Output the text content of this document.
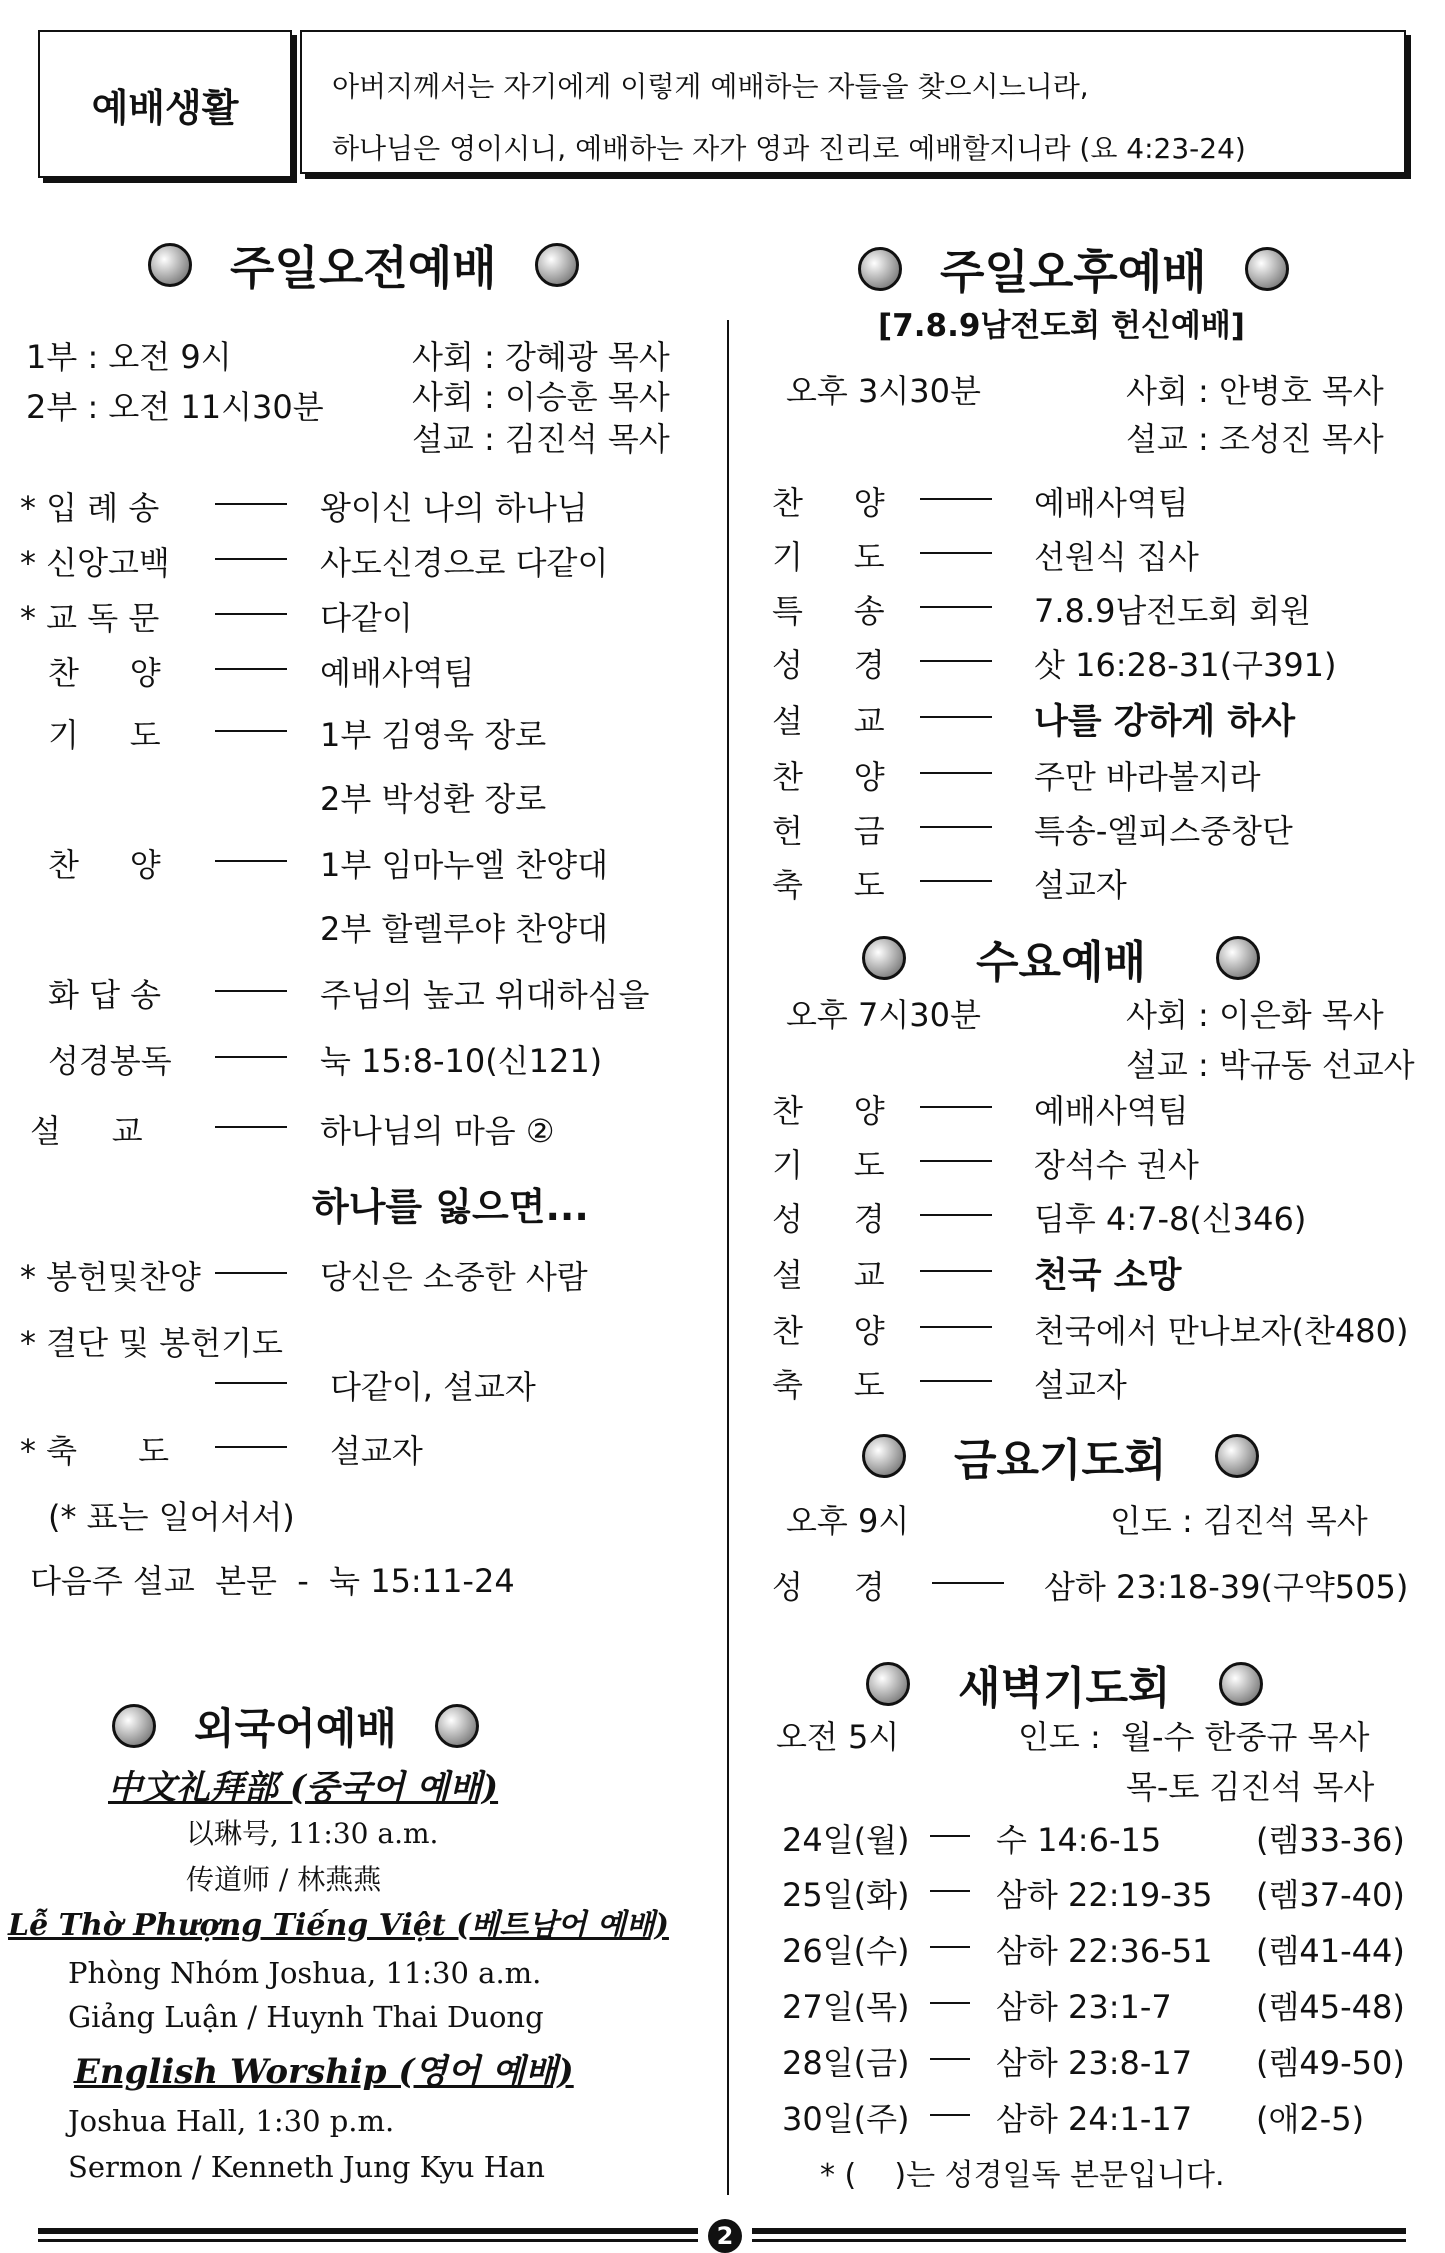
예배생활	아버지께서는 자기에게 이렇게 예배하는 자들을 찾으시느니라,
하나님은 영이시니, 예배하는 자가 영과 진리로 예배할지니라 (요 4:23-24)
주일오전예배
1부 : 오전 9시
2부 : 오전 11시30분
사회 : 강혜광 목사
사회 : 이승훈 목사
설교 : 김진석 목사
* 입 례 송	왕이신 나의 하나님
* 신앙고백	사도신경으로 다같이
* 교 독 문	다같이
찬     양	예배사역팀
기     도	1부 김영욱 장로
2부 박성환 장로
찬     양	1부 임마누엘 찬양대
2부 할렐루야 찬양대
화 답 송	주님의 높고 위대하심을
성경봉독	눅 15:8-10(신121)
설     교	하나님의 마음 ②
하나를 잃으면...
* 봉헌및찬양	당신은 소중한 사람
* 결단 및 봉헌기도
다같이, 설교자
* 축      도	설교자
(* 표는 일어서서)
다음주 설교  본문  -  눅 15:11-24
외국어예배
中文礼拜部 (중국어 예배)
以琳号, 11:30 a.m.
传道师 / 林燕燕
Lễ Thờ Phượng Tiếng Việt (베트남어 예배)
Phòng Nhóm Joshua, 11:30 a.m.
Giảng Luận / Huynh Thai Duong
English Worship (영어 예배)
Joshua Hall, 1:30 p.m.
Sermon / Kenneth Jung Kyu Han
주일오후예배
[7.8.9남전도회 헌신예배]
오후 3시30분	사회 : 안병호 목사
설교 : 조성진 목사
찬     양	예배사역팀
기     도	선원식 집사
특     송	7.8.9남전도회 회원
성     경	삿 16:28-31(구391)
설     교	나를 강하게 하사
찬     양	주만 바라볼지라
헌     금	특송-엘피스중창단
축     도	설교자
수요예배
오후 7시30분	사회 : 이은화 목사
설교 : 박규동 선교사
찬     양	예배사역팀
기     도	장석수 권사
성     경	딤후 4:7-8(신346)
설     교	천국 소망
찬     양	천국에서 만나보자(찬480)
축     도	설교자
금요기도회
오후 9시	인도 : 김진석 목사
성     경	삼하 23:18-39(구약505)
새벽기도회
오전 5시	인도 :  월-수 한중규 목사
목-토 김진석 목사
24일(월)	수 14:6-15	(렘33-36)
25일(화)	삼하 22:19-35 (렘37-40)
26일(수)	삼하 22:36-51 (렘41-44)
27일(목)	삼하 23:1-7	(렘45-48)
28일(금)	삼하 23:8-17 (렘49-50)
30일(주)	삼하 24:1-17 (애2-5)
* (    )는 성경일독 본문입니다.
2
